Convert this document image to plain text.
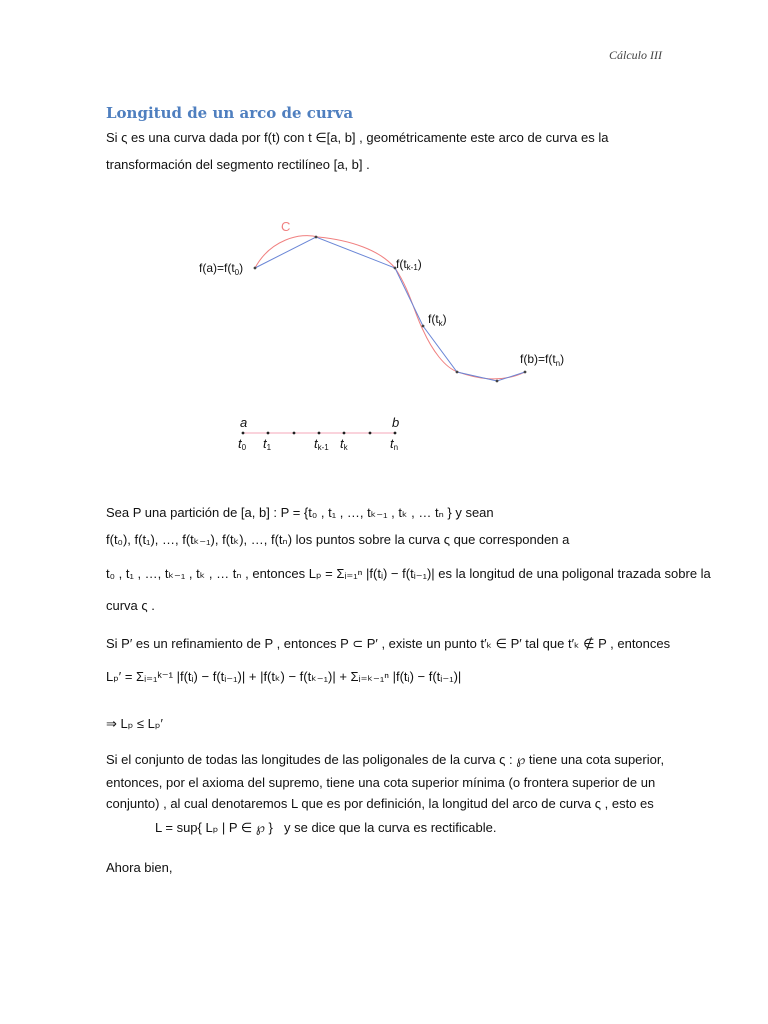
Cálculo III
Longitud de un arco de curva
Si ς es una curva dada por f(t) con t ∈[a, b] , geométricamente este arco de curva es la
transformación del segmento rectilíneo [a, b] .
C
$f(a)=f(t_0)$	f(tk-1)
$f(t_k)$
$f(b)=f(t_n)$
a	b
t0 t1	tk-1 tk	tn
Sea P una partición de [a, b] : P = {t₀ , t₁ , …, tₖ₋₁ , tₖ , … tₙ } y sean
f(t₀), f(t₁), …, f(tₖ₋₁), f(tₖ), …, f(tₙ) los puntos sobre la curva ς que corresponden a
t₀ , t₁ , …, tₖ₋₁ , tₖ , … tₙ , entonces Lₚ = Σᵢ₌₁ⁿ |f(tᵢ) − f(tᵢ₋₁)| es la longitud de una poligonal trazada sobre la
curva ς .
Si P′ es un refinamiento de P , entonces P ⊂ P′ , existe un punto t′ₖ ∈ P′ tal que t′ₖ ∉ P , entonces
Lₚ′ = Σᵢ₌₁ᵏ⁻¹ |f(tᵢ) − f(tᵢ₋₁)| + |f(tₖ) − f(tₖ₋₁)| + Σᵢ₌ₖ₋₁ⁿ |f(tᵢ) − f(tᵢ₋₁)|
⇒ Lₚ ≤ Lₚ′
Si el conjunto de todas las longitudes de las poligonales de la curva ς : ℘ tiene una cota superior,
entonces, por el axioma del supremo, tiene una cota superior mínima (o frontera superior de un
conjunto) , al cual denotaremos L que es por definición, la longitud del arco de curva ς , esto es
L = sup{ Lₚ | P ∈ ℘ } y se dice que la curva es rectificable.
Ahora bien,
